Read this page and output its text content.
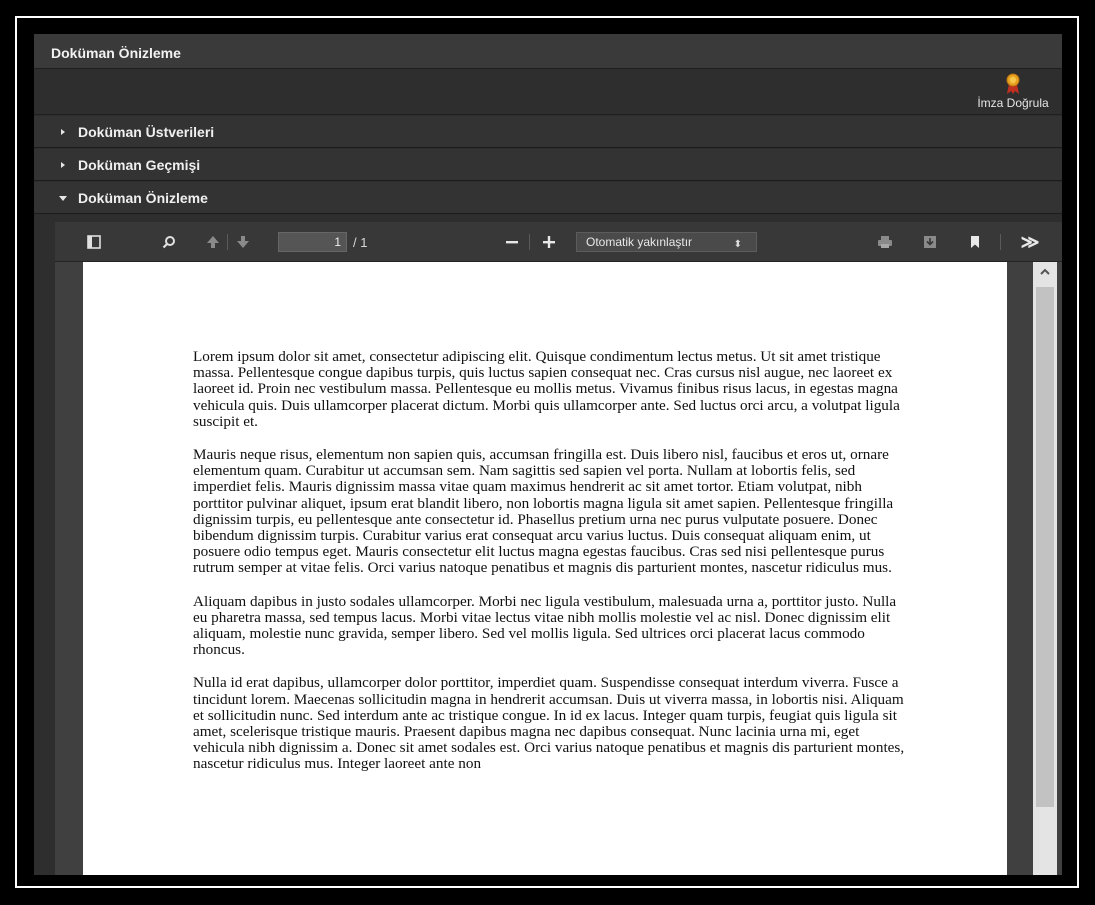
Doküman Önizleme
İmza Doğrula
Doküman Üstverileri
Doküman Geçmişi
Doküman Önizleme
1 / 1	Otomatik yakınlaştır	⬍	≫

Lorem ipsum dolor sit amet, consectetur adipiscing elit. Quisque condimentum lectus metus. Ut sit amet tristique massa. Pellentesque congue dapibus turpis, quis luctus sapien consequat nec. Cras cursus nisl augue, nec laoreet ex laoreet id. Proin nec vestibulum massa. Pellentesque eu mollis metus. Vivamus finibus risus lacus, in egestas magna vehicula quis. Duis ullamcorper placerat dictum. Morbi quis ullamcorper ante. Sed luctus orci arcu, a volutpat ligula suscipit et.

Mauris neque risus, elementum non sapien quis, accumsan fringilla est. Duis libero nisl, faucibus et eros ut, ornare elementum quam. Curabitur ut accumsan sem. Nam sagittis sed sapien vel porta. Nullam at lobortis felis, sed imperdiet felis. Mauris dignissim massa vitae quam maximus hendrerit ac sit amet tortor. Etiam volutpat, nibh porttitor pulvinar aliquet, ipsum erat blandit libero, non lobortis magna ligula sit amet sapien. Pellentesque fringilla dignissim turpis, eu pellentesque ante consectetur id. Phasellus pretium urna nec purus vulputate posuere. Donec bibendum dignissim turpis. Curabitur varius erat consequat arcu varius luctus. Duis consequat aliquam enim, ut posuere odio tempus eget. Mauris consectetur elit luctus magna egestas faucibus. Cras sed nisi pellentesque purus rutrum semper at vitae felis. Orci varius natoque penatibus et magnis dis parturient montes, nascetur ridiculus mus.

Aliquam dapibus in justo sodales ullamcorper. Morbi nec ligula vestibulum, malesuada urna a, porttitor justo. Nulla eu pharetra massa, sed tempus lacus. Morbi vitae lectus vitae nibh mollis molestie vel ac nisl. Donec dignissim elit aliquam, molestie nunc gravida, semper libero. Sed vel mollis ligula. Sed ultrices orci placerat lacus commodo rhoncus.

Nulla id erat dapibus, ullamcorper dolor porttitor, imperdiet quam. Suspendisse consequat interdum viverra. Fusce a tincidunt lorem. Maecenas sollicitudin magna in hendrerit accumsan. Duis ut viverra massa, in lobortis nisi. Aliquam et sollicitudin nunc. Sed interdum ante ac tristique congue. In id ex lacus. Integer quam turpis, feugiat quis ligula sit amet, scelerisque tristique mauris. Praesent dapibus magna nec dapibus consequat. Nunc lacinia urna mi, eget vehicula nibh dignissim a. Donec sit amet sodales est. Orci varius natoque penatibus et magnis dis parturient montes, nascetur ridiculus mus. Integer laoreet ante non
